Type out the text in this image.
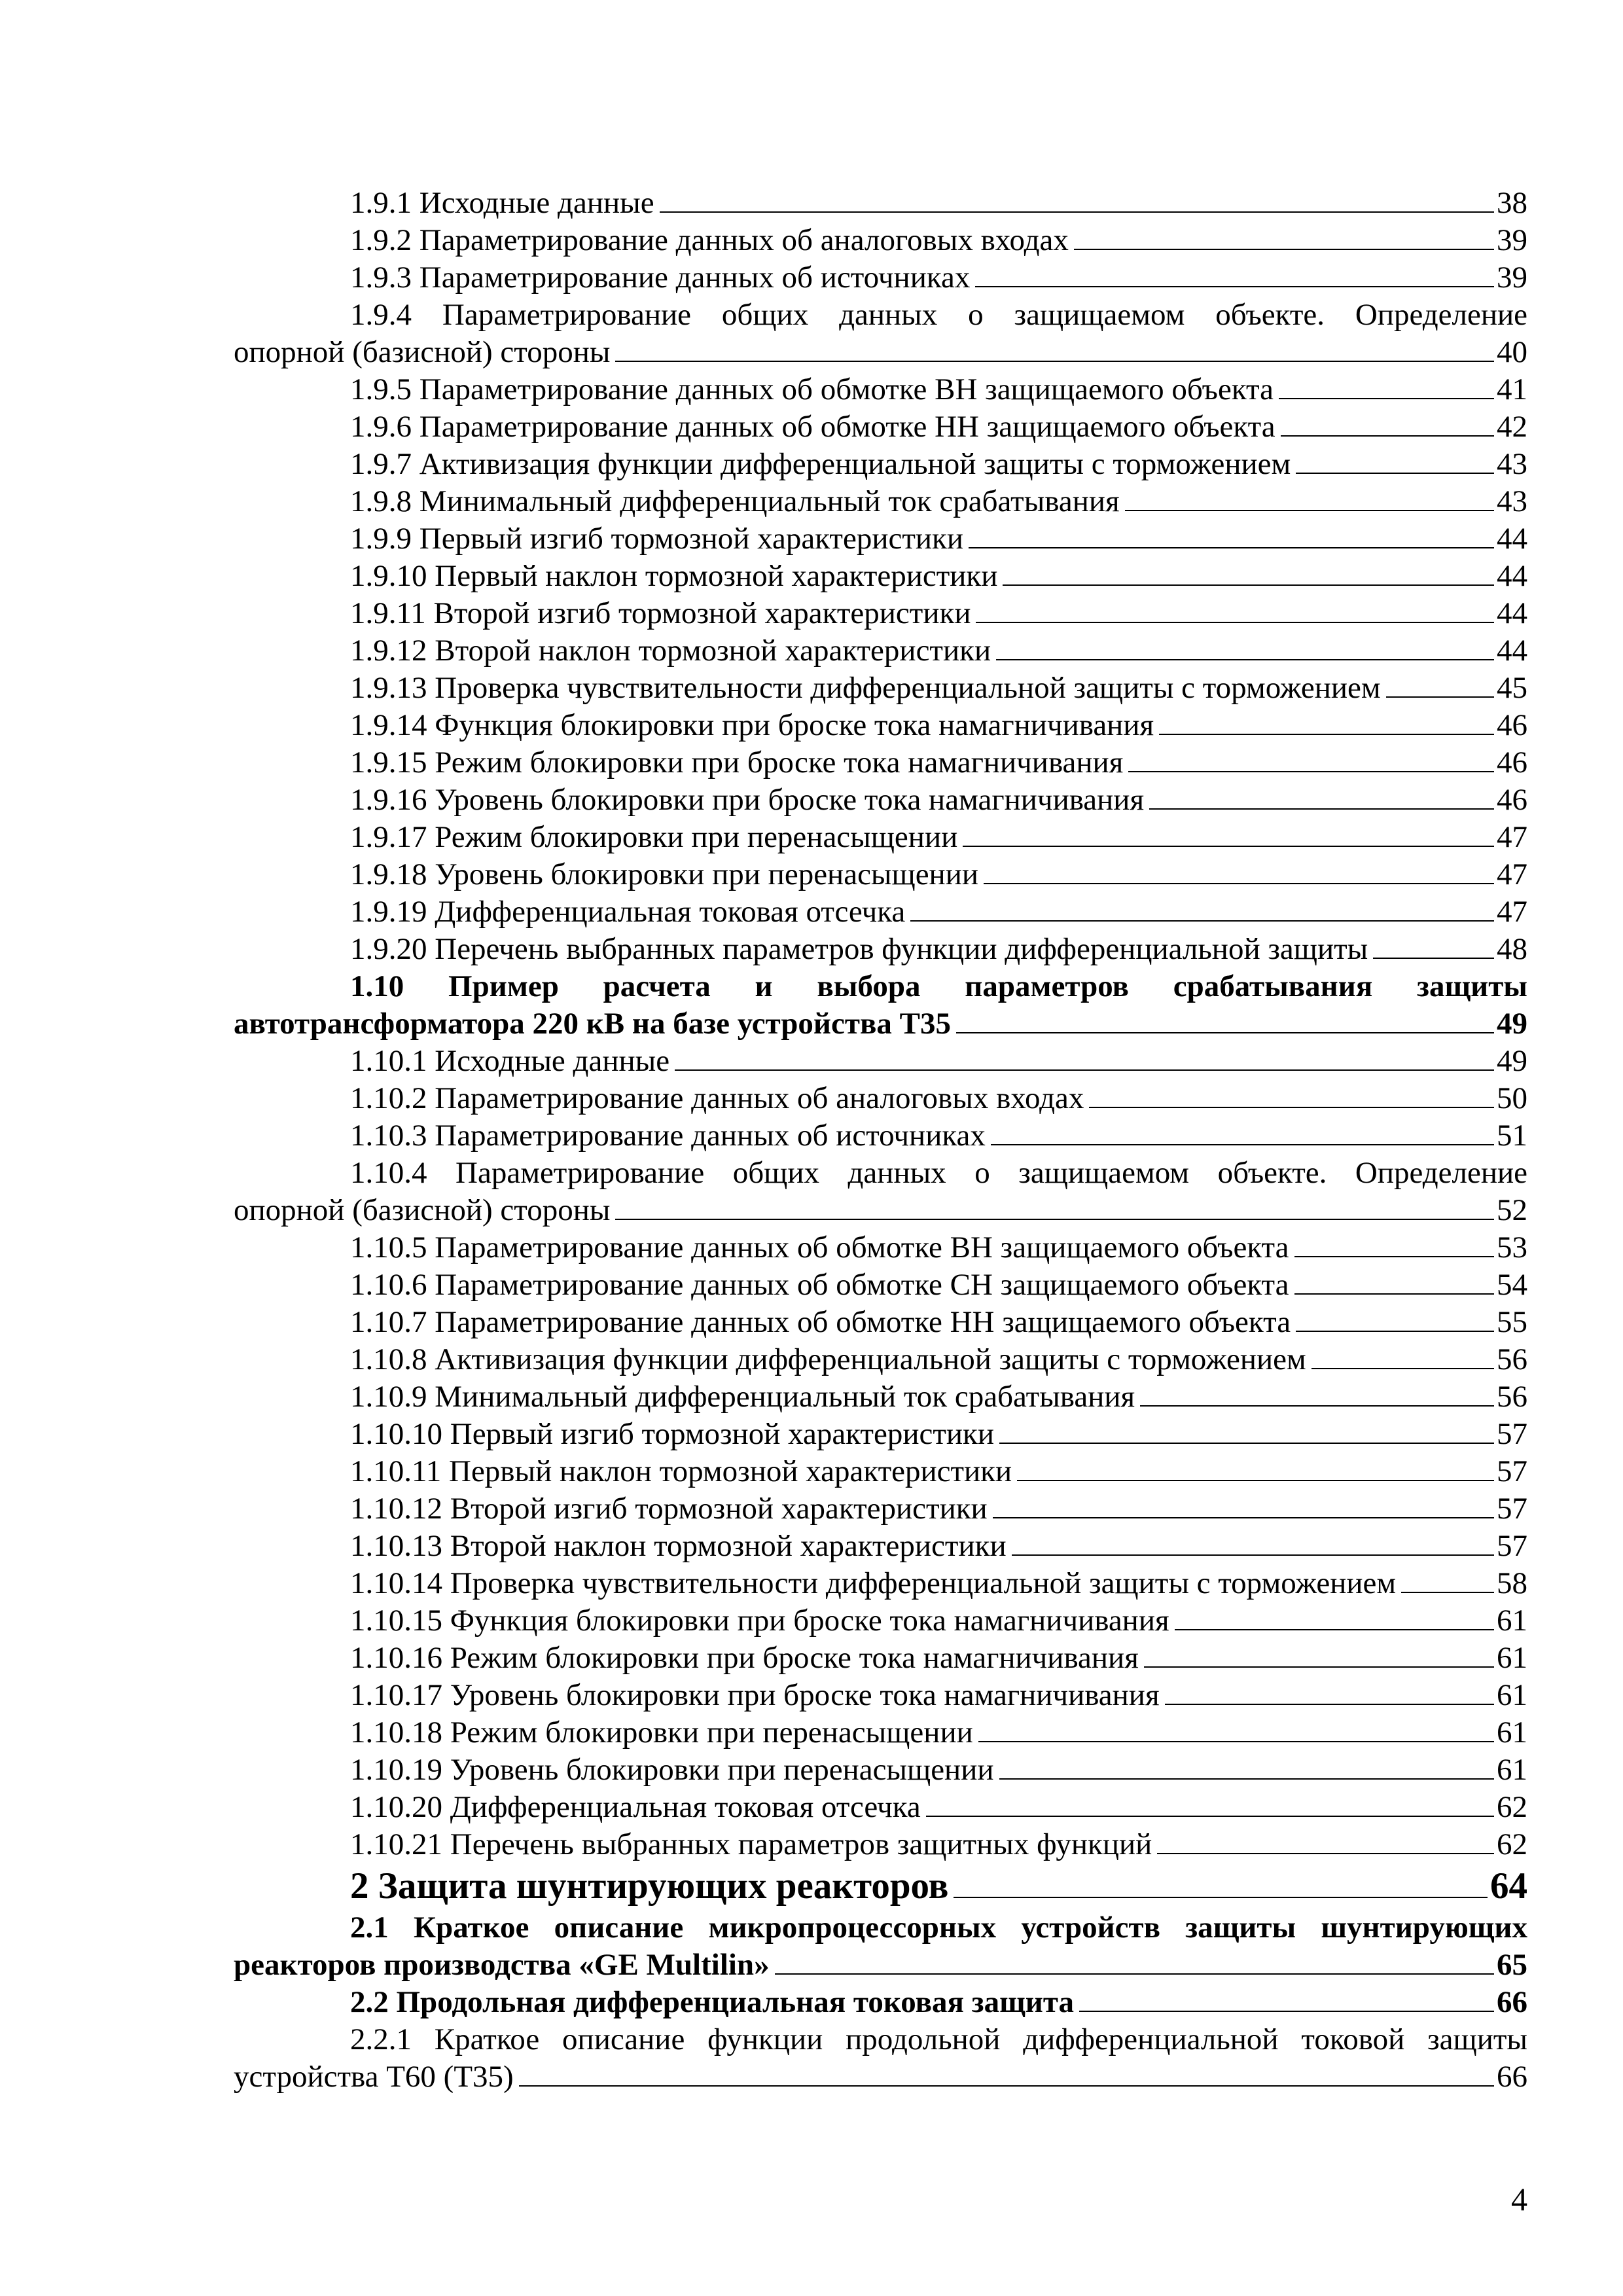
1.9.1 Исходные данные	38
1.9.2 Параметрирование данных об аналоговых входах	39
1.9.3 Параметрирование данных об источниках	39
1.9.4 Параметрирование общих данных о защищаемом объекте. Определение
опорной (базисной) стороны	40
1.9.5 Параметрирование данных об обмотке ВН защищаемого объекта	41
1.9.6 Параметрирование данных об обмотке НН защищаемого объекта	42
1.9.7 Активизация функции дифференциальной защиты с торможением	43
1.9.8 Минимальный дифференциальный ток срабатывания	43
1.9.9 Первый изгиб тормозной характеристики	44
1.9.10 Первый наклон тормозной характеристики	44
1.9.11 Второй изгиб тормозной характеристики	44
1.9.12 Второй наклон тормозной характеристики	44
1.9.13 Проверка чувствительности дифференциальной защиты с торможением	45
1.9.14 Функция блокировки при броске тока намагничивания	46
1.9.15 Режим блокировки при броске тока намагничивания	46
1.9.16 Уровень блокировки при броске тока намагничивания	46
1.9.17 Режим блокировки при перенасыщении	47
1.9.18 Уровень блокировки при перенасыщении	47
1.9.19 Дифференциальная токовая отсечка	47
1.9.20 Перечень выбранных параметров функции дифференциальной защиты	48
1.10 Пример расчета и выбора параметров срабатывания защиты
автотрансформатора 220 кВ на базе устройства Т35	49
1.10.1 Исходные данные	49
1.10.2 Параметрирование данных об аналоговых входах	50
1.10.3 Параметрирование данных об источниках	51
1.10.4 Параметрирование общих данных о защищаемом объекте. Определение
опорной (базисной) стороны	52
1.10.5 Параметрирование данных об обмотке ВН защищаемого объекта	53
1.10.6 Параметрирование данных об обмотке СН защищаемого объекта	54
1.10.7 Параметрирование данных об обмотке НН защищаемого объекта	55
1.10.8 Активизация функции дифференциальной защиты с торможением	56
1.10.9 Минимальный дифференциальный ток срабатывания	56
1.10.10 Первый изгиб тормозной характеристики	57
1.10.11 Первый наклон тормозной характеристики	57
1.10.12 Второй изгиб тормозной характеристики	57
1.10.13 Второй наклон тормозной характеристики	57
1.10.14 Проверка чувствительности дифференциальной защиты с торможением	58
1.10.15 Функция блокировки при броске тока намагничивания	61
1.10.16 Режим блокировки при броске тока намагничивания	61
1.10.17 Уровень блокировки при броске тока намагничивания	61
1.10.18 Режим блокировки при перенасыщении	61
1.10.19 Уровень блокировки при перенасыщении	61
1.10.20 Дифференциальная токовая отсечка	62
1.10.21 Перечень выбранных параметров защитных функций	62
2 Защита шунтирующих реакторов	64
2.1 Краткое описание микропроцессорных устройств защиты шунтирующих
реакторов производства «GE Multilin»	65
2.2 Продольная дифференциальная токовая защита	66
2.2.1 Краткое описание функции продольной дифференциальной токовой защиты
устройства Т60 (Т35)	66
4
